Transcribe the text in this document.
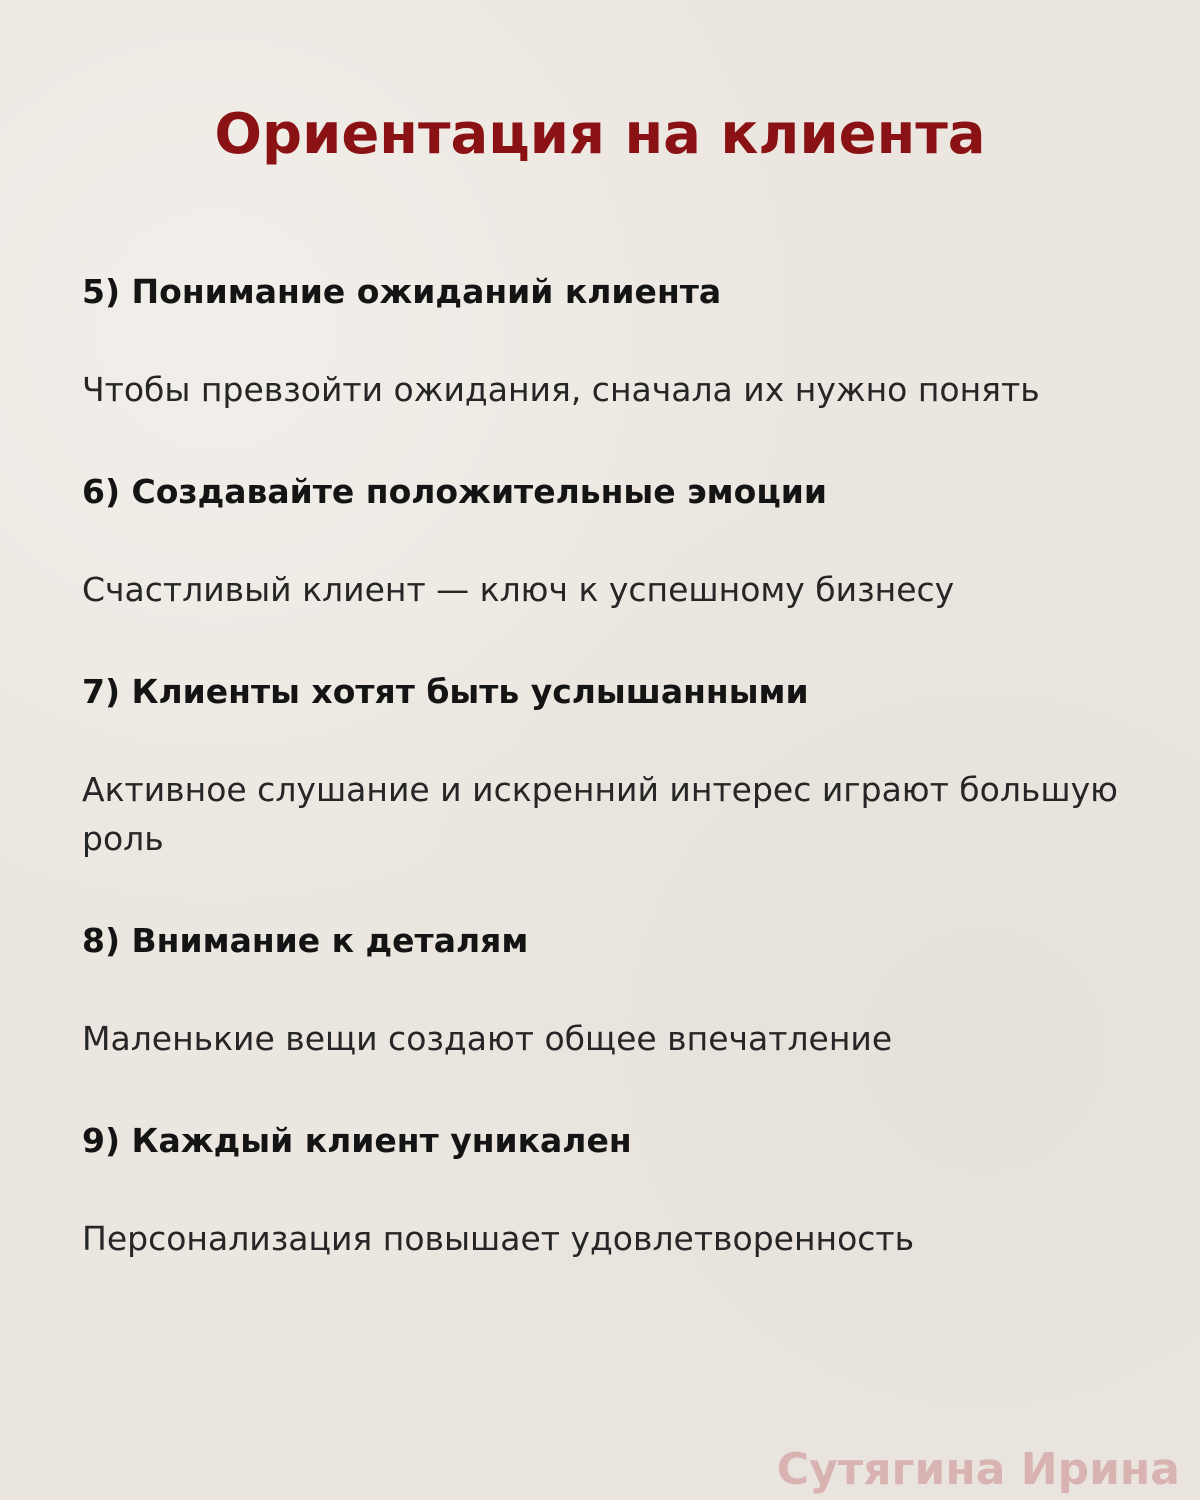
Ориентация на клиента

5) Понимание ожиданий клиента

Чтобы превзойти ожидания, сначала их нужно понять

6) Создавайте положительные эмоции

Счастливый клиент — ключ к успешному бизнесу

7) Клиенты хотят быть услышанными

Активное слушание и искренний интерес играют большую роль

8) Внимание к деталям

Маленькие вещи создают общее впечатление

9) Каждый клиент уникален

Персонализация повышает удовлетворенность

Сутягина Ирина
